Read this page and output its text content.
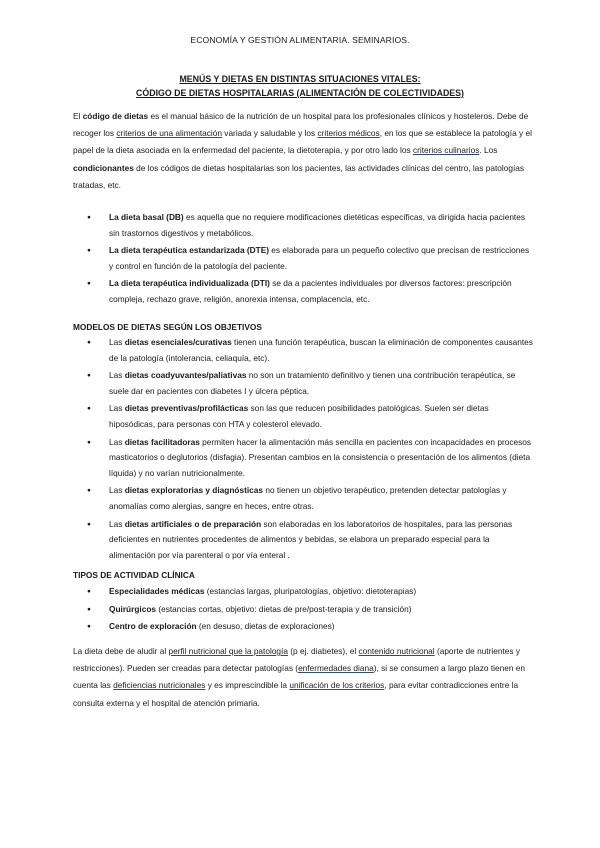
ECONOMÍA Y GESTIÓN ALIMENTARIA. SEMINARIOS.
MENÚS Y DIETAS EN DISTINTAS SITUACIONES VITALES:
CÓDIGO DE DIETAS HOSPITALARIAS (ALIMENTACIÓN DE COLECTIVIDADES)

El código de dietas es el manual básico de la nutrición de un hospital para los profesionales clínicos y hosteleros. Debe de recoger los criterios de una alimentación variada y saludable y los criterios médicos, en los que se establece la patología y el papel de la dieta asociada en la enfermedad del paciente, la dietoterapia, y por otro lado los criterios culinarios. Los condicionantes de los códigos de dietas hospitalarias son los pacientes, las actividades clínicas del centro, las patologías tratadas, etc.

● La dieta basal (DB) es aquella que no requiere modificaciones dietéticas específicas, va dirigida hacia pacientes sin trastornos digestivos y metabólicos.
● La dieta terapéutica estandarizada (DTE) es elaborada para un pequeño colectivo que precisan de restricciones y control en función de la patología del paciente.
● La dieta terapéutica individualizada (DTI) se da a pacientes individuales por diversos factores: prescripción compleja, rechazo grave, religión, anorexia intensa, complacencia, etc.
MODELOS DE DIETAS SEGÚN LOS OBJETIVOS
● Las dietas esenciales/curativas tienen una función terapéutica, buscan la eliminación de componentes causantes de la patología (intolerancia, celiaquía, etc).
● Las dietas coadyuvantes/paliativas no son un tratamiento definitivo y tienen una contribución terapéutica, se suele dar en pacientes con diabetes I y úlcera péptica.
● Las dietas preventivas/profilácticas son las que reducen posibilidades patológicas. Suelen ser dietas hiposódicas, para personas con HTA y colesterol elevado.
● Las dietas facilitadoras permiten hacer la alimentación más sencilla en pacientes con incapacidades en procesos masticatorios o deglutorios (disfagia). Presentan cambios en la consistencia o presentación de los alimentos (dieta líquida) y no varían nutricionalmente.
● Las dietas exploratorias y diagnósticas no tienen un objetivo terapéutico, pretenden detectar patologías y anomalías como alergias, sangre en heces, entre otras.
● Las dietas artificiales o de preparación son elaboradas en los laboratorios de hospitales, para las personas deficientes en nutrientes procedentes de alimentos y bebidas, se elabora un preparado especial para la alimentación por vía parenteral o por vía enteral .
TIPOS DE ACTIVIDAD CLÍNICA
● Especialidades médicas (estancias largas, pluripatologías, objetivo: dietoterapias)
● Quirúrgicos (estancias cortas, objetivo: dietas de pre/post-terapia y de transición)
● Centro de exploración (en desuso, dietas de exploraciones)

La dieta debe de aludir al perfil nutricional que la patología (p ej. diabetes), el contenido nutricional (aporte de nutrientes y restricciones). Pueden ser creadas para detectar patologías (enfermedades diana), si se consumen a largo plazo tienen en cuenta las deficiencias nutricionales y es imprescindible la unificación de los criterios, para evitar contradicciones entre la consulta externa y el hospital de atención primaria.
